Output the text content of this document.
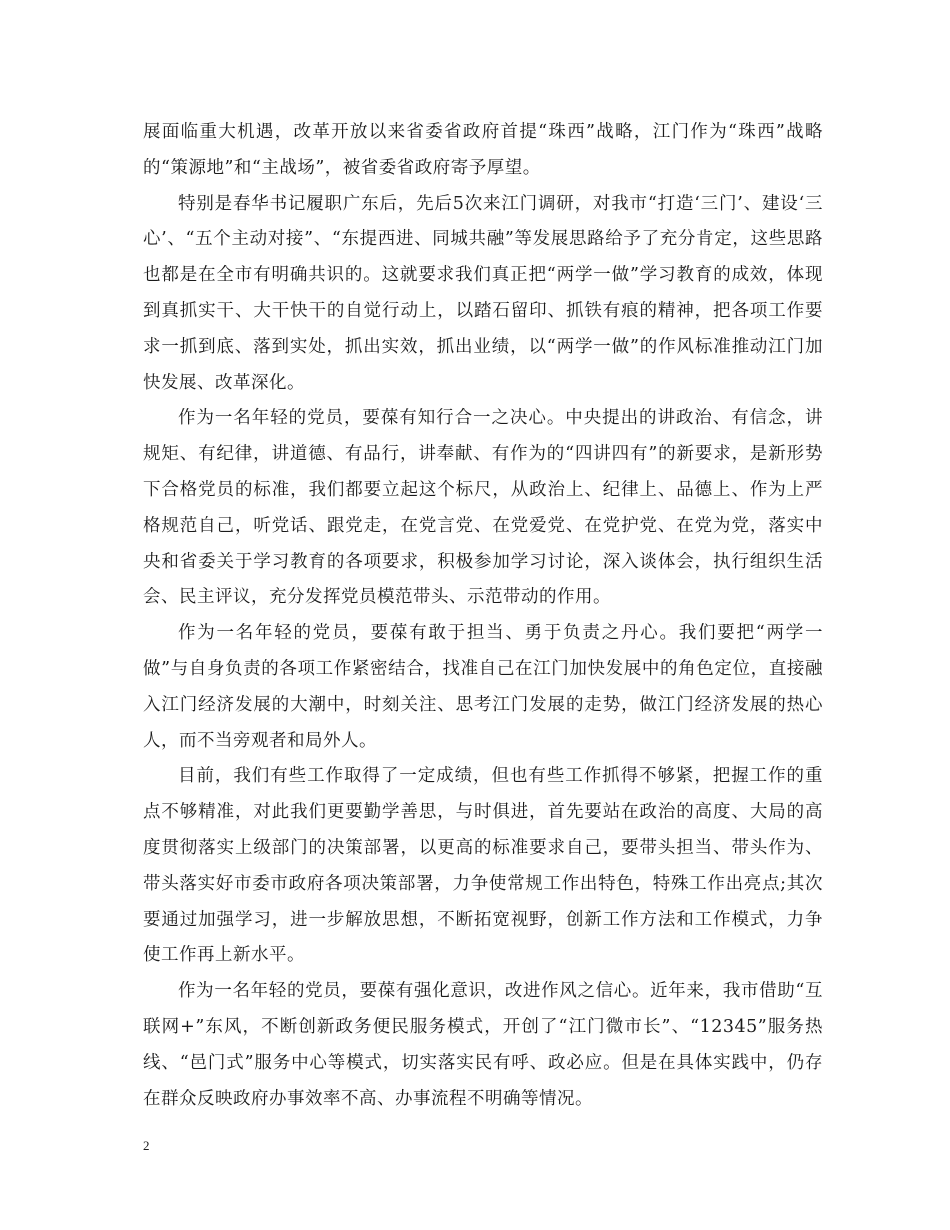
展面临重大机遇，改革开放以来省委省政府首提“珠西”战略，江门作为“珠西”战略的“策源地”和“主战场”，被省委省政府寄予厚望。

特别是春华书记履职广东后，先后5次来江门调研，对我市“打造‘三门’、建设‘三心’、“五个主动对接”、“东提西进、同城共融”等发展思路给予了充分肯定，这些思路也都是在全市有明确共识的。这就要求我们真正把“两学一做”学习教育的成效，体现到真抓实干、大干快干的自觉行动上，以踏石留印、抓铁有痕的精神，把各项工作要求一抓到底、落到实处，抓出实效，抓出业绩，以“两学一做”的作风标准推动江门加快发展、改革深化。

作为一名年轻的党员，要葆有知行合一之决心。中央提出的讲政治、有信念，讲规矩、有纪律，讲道德、有品行，讲奉献、有作为的“四讲四有”的新要求，是新形势下合格党员的标准，我们都要立起这个标尺，从政治上、纪律上、品德上、作为上严格规范自己，听党话、跟党走，在党言党、在党爱党、在党护党、在党为党，落实中央和省委关于学习教育的各项要求，积极参加学习讨论，深入谈体会，执行组织生活会、民主评议，充分发挥党员模范带头、示范带动的作用。

作为一名年轻的党员，要葆有敢于担当、勇于负责之丹心。我们要把“两学一做”与自身负责的各项工作紧密结合，找准自己在江门加快发展中的角色定位，直接融入江门经济发展的大潮中，时刻关注、思考江门发展的走势，做江门经济发展的热心人，而不当旁观者和局外人。

目前，我们有些工作取得了一定成绩，但也有些工作抓得不够紧，把握工作的重点不够精准，对此我们更要勤学善思，与时俱进，首先要站在政治的高度、大局的高度贯彻落实上级部门的决策部署，以更高的标准要求自己，要带头担当、带头作为、带头落实好市委市政府各项决策部署，力争使常规工作出特色，特殊工作出亮点;其次要通过加强学习，进一步解放思想，不断拓宽视野，创新工作方法和工作模式，力争使工作再上新水平。

作为一名年轻的党员，要葆有强化意识，改进作风之信心。近年来，我市借助“互联网+”东风，不断创新政务便民服务模式，开创了“江门微市长”、“12345”服务热线、“邑门式”服务中心等模式，切实落实民有呼、政必应。但是在具体实践中，仍存在群众反映政府办事效率不高、办事流程不明确等情况。

2
